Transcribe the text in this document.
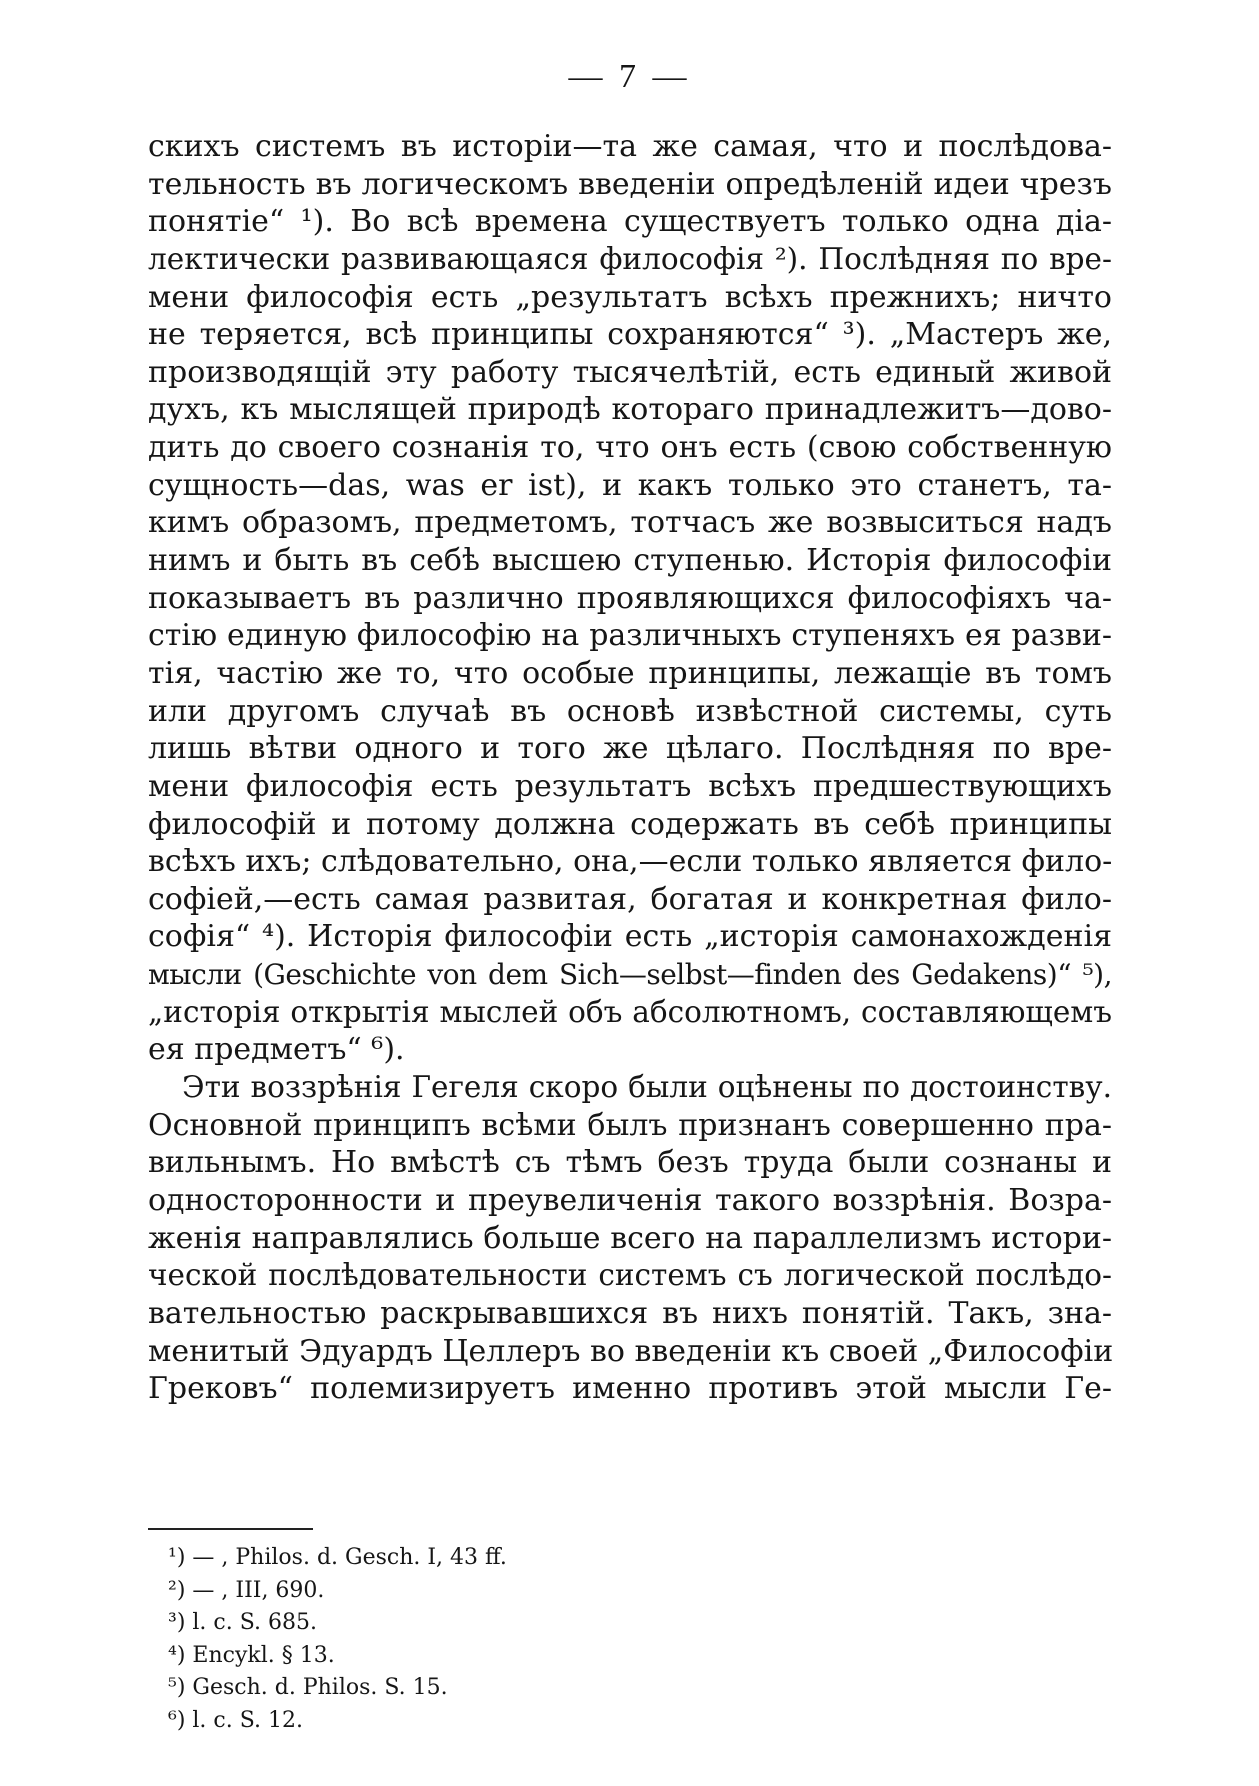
— 7 —
скихъ системъ въ исторіи—та же самая, что и послѣдова-
тельность въ логическомъ введеніи опредѣленій идеи чрезъ
понятіе“ ¹). Во всѣ времена существуетъ только одна діа-
лектически развивающаяся философія ²). Послѣдняя по вре-
мени философія есть „результатъ всѣхъ прежнихъ; ничто
не теряется, всѣ принципы сохраняются“ ³). „Мастеръ же,
производящій эту работу тысячелѣтій, есть единый живой
духъ, къ мыслящей природѣ котораго принадлежитъ—дово-
дить до своего сознанія то, что онъ есть (свою собственную
сущность—das, was er ist), и какъ только это станетъ, та-
кимъ образомъ, предметомъ, тотчасъ же возвыситься надъ
нимъ и быть въ себѣ высшею ступенью. Исторія философіи
показываетъ въ различно проявляющихся философіяхъ ча-
стію единую философію на различныхъ ступеняхъ ея разви-
тія, частію же то, что особые принципы, лежащіе въ томъ
или другомъ случаѣ въ основѣ извѣстной системы, суть
лишь вѣтви одного и того же цѣлаго. Послѣдняя по вре-
мени философія есть результатъ всѣхъ предшествующихъ
философій и потому должна содержать въ себѣ принципы
всѣхъ ихъ; слѣдовательно, она,—если только является фило-
софіей,—есть самая развитая, богатая и конкретная фило-
софія“ ⁴). Исторія философіи есть „исторія самонахожденія
мысли (Geschichte von dem Sich—selbst—finden des Gedakens)“ ⁵),
„исторія открытія мыслей объ абсолютномъ, составляющемъ
ея предметъ“ ⁶).
Эти воззрѣнія Гегеля скоро были оцѣнены по достоинству.
Основной принципъ всѣми былъ признанъ совершенно пра-
вильнымъ. Но вмѣстѣ съ тѣмъ безъ труда были сознаны и
односторонности и преувеличенія такого воззрѣнія. Возра-
женія направлялись больше всего на параллелизмъ истори-
ческой послѣдовательности системъ съ логической послѣдо-
вательностью раскрывавшихся въ нихъ понятій. Такъ, зна-
менитый Эдуардъ Целлеръ во введеніи къ своей „Философіи
Грековъ“ полемизируетъ именно противъ этой мысли Ге-
¹) — , Philos. d. Gesch. I, 43 ff.
²) — , III, 690.
³) l. c. S. 685.
⁴) Encykl. § 13.
⁵) Gesch. d. Philos. S. 15.
⁶) l. c. S. 12.
